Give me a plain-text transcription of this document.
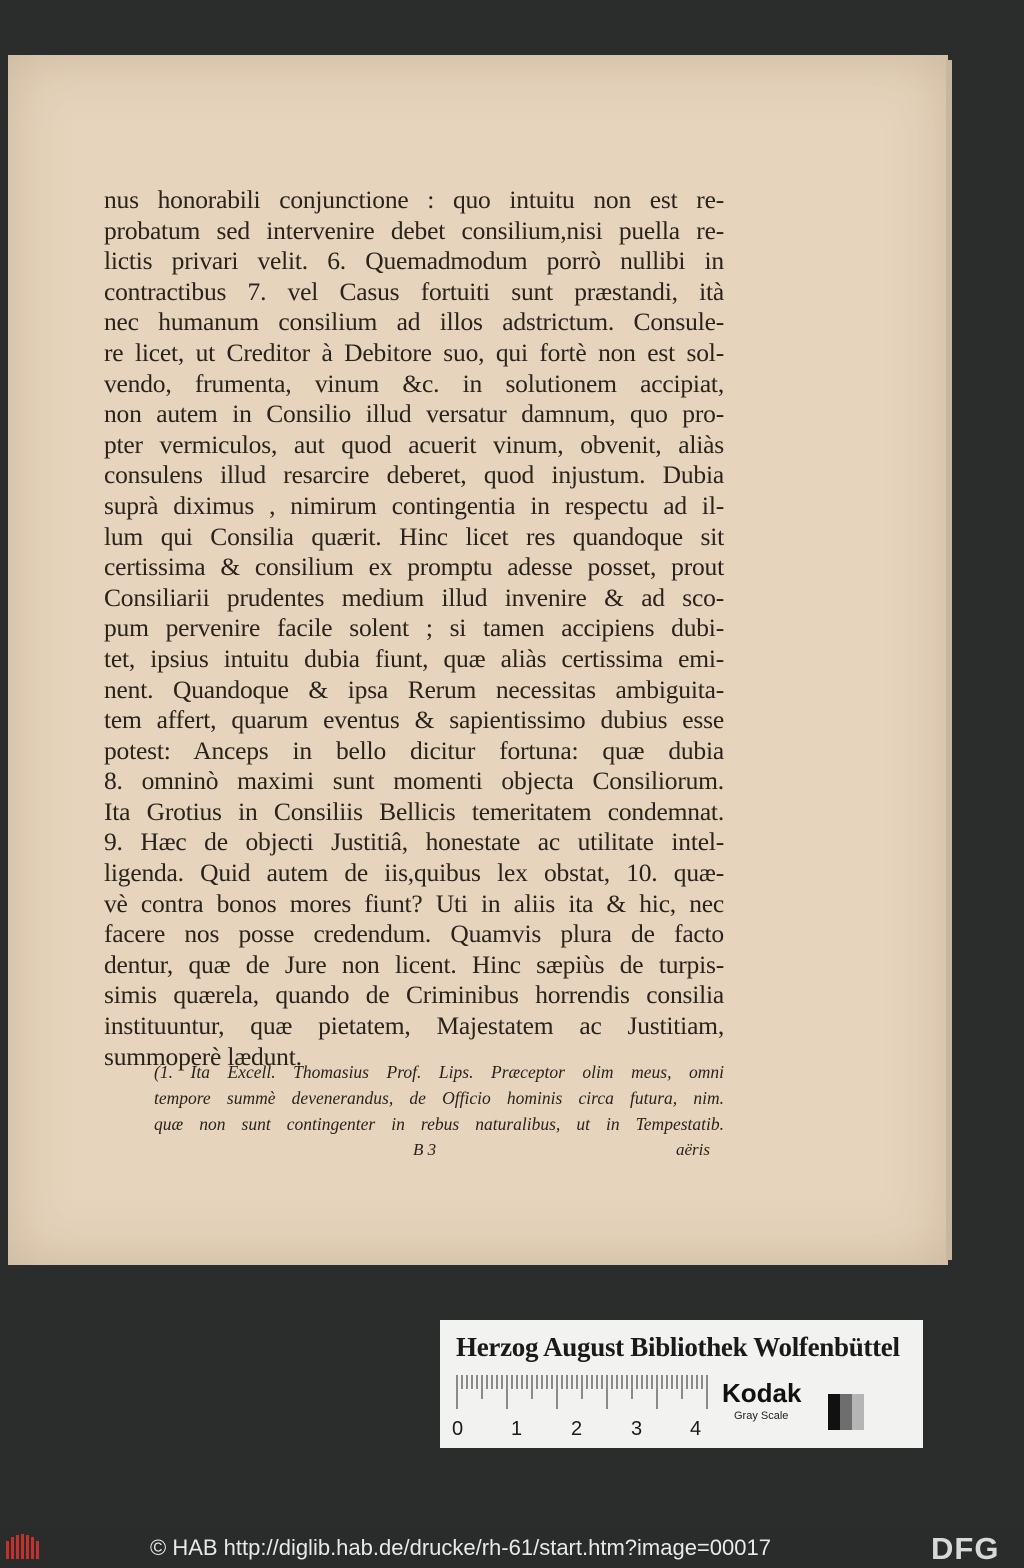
nus honorabili conjunctione : quo intuitu non est re-
probatum sed intervenire debet consilium,nisi puella re-
lictis privari velit. 6. Quemadmodum porrò nullibi in
contractibus 7. vel Casus fortuiti sunt præstandi, ità
nec humanum consilium ad illos adstrictum. Consule-
re licet, ut Creditor à Debitore suo, qui fortè non est sol-
vendo, frumenta, vinum &c. in solutionem accipiat,
non autem in Consilio illud versatur damnum, quo pro-
pter vermiculos, aut quod acuerit vinum, obvenit, aliàs
consulens illud resarcire deberet, quod injustum. Dubia
suprà diximus , nimirum contingentia in respectu ad il-
lum qui Consilia quærit. Hinc licet res quandoque sit
certissima & consilium ex promptu adesse posset, prout
Consiliarii prudentes medium illud invenire & ad sco-
pum pervenire facile solent ; si tamen accipiens dubi-
tet, ipsius intuitu dubia fiunt, quæ aliàs certissima emi-
nent. Quandoque & ipsa Rerum necessitas ambiguita-
tem affert, quarum eventus & sapientissimo dubius esse
potest: Anceps in bello dicitur fortuna: quæ dubia
8. omninò maximi sunt momenti objecta Consiliorum.
Ita Grotius in Consiliis Bellicis temeritatem condemnat.
9. Hæc de objecti Justitiâ, honestate ac utilitate intel-
ligenda. Quid autem de iis,quibus lex obstat, 10. quæ-
vè contra bonos mores fiunt? Uti in aliis ita & hic, nec
facere nos posse credendum. Quamvis plura de facto
dentur, quæ de Jure non licent. Hinc sæpiùs de turpis-
simis quærela, quando de Criminibus horrendis consilia
instituuntur, quæ pietatem, Majestatem ac Justitiam,
summoperè lædunt.
(1. Ita Excell. Thomasius Prof. Lips. Præceptor olim meus, omni
tempore summè devenerandus, de Officio hominis circa futura, nim.
quæ non sunt contingenter in rebus naturalibus, ut in Tempestatib.
B 3	aëris
Herzog August Bibliothek Wolfenbüttel
0 1 2 3 4
Kodak
Gray Scale
© HAB http://diglib.hab.de/drucke/rh-61/start.htm?image=00017	DFG
